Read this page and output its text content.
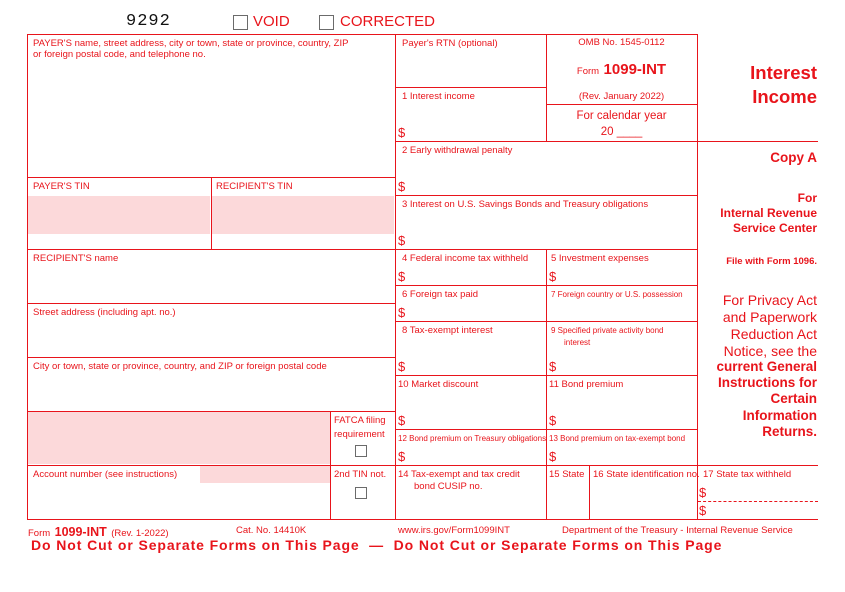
9292	VOID	CORRECTED
PAYER'S name, street address, city or town, state or province, country, ZIP
or foreign postal code, and telephone no.
PAYER'S TIN	RECIPIENT'S TIN
RECIPIENT'S name
Street address (including apt. no.)
City or town, state or province, country, and ZIP or foreign postal code
FATCA filing
requirement
Account number (see instructions)	2nd TIN not.
Payer's RTN (optional)	OMB No. 1545-0112
Form 1099-INT
(Rev. January 2022)
For calendar year
20 ____
Interest
Income
Copy A
For
Internal Revenue
Service Center
File with Form 1096.
For Privacy Act
and Paperwork
Reduction Act
Notice, see the
current General
Instructions for
Certain
Information
Returns.
1 Interest income
$
2 Early withdrawal penalty
$
3 Interest on U.S. Savings Bonds and Treasury obligations
$
4 Federal income tax withheld
$
5 Investment expenses
$
6 Foreign tax paid
$
7 Foreign country or U.S. possession
8 Tax-exempt interest
$
9 Specified private activity bond
interest
$
10 Market discount
$
11 Bond premium
$
12 Bond premium on Treasury obligations
$
13 Bond premium on tax-exempt bond
$
14 Tax-exempt and tax credit
bond CUSIP no.
15 State 16 State identification no. 17 State tax withheld
$
$
Form 1099-INT (Rev. 1-2022)	Cat. No. 14410K	www.irs.gov/Form1099INT	Department of the Treasury - Internal Revenue Service
Do Not Cut or Separate Forms on This Page  —  Do Not Cut or Separate Forms on This Page
